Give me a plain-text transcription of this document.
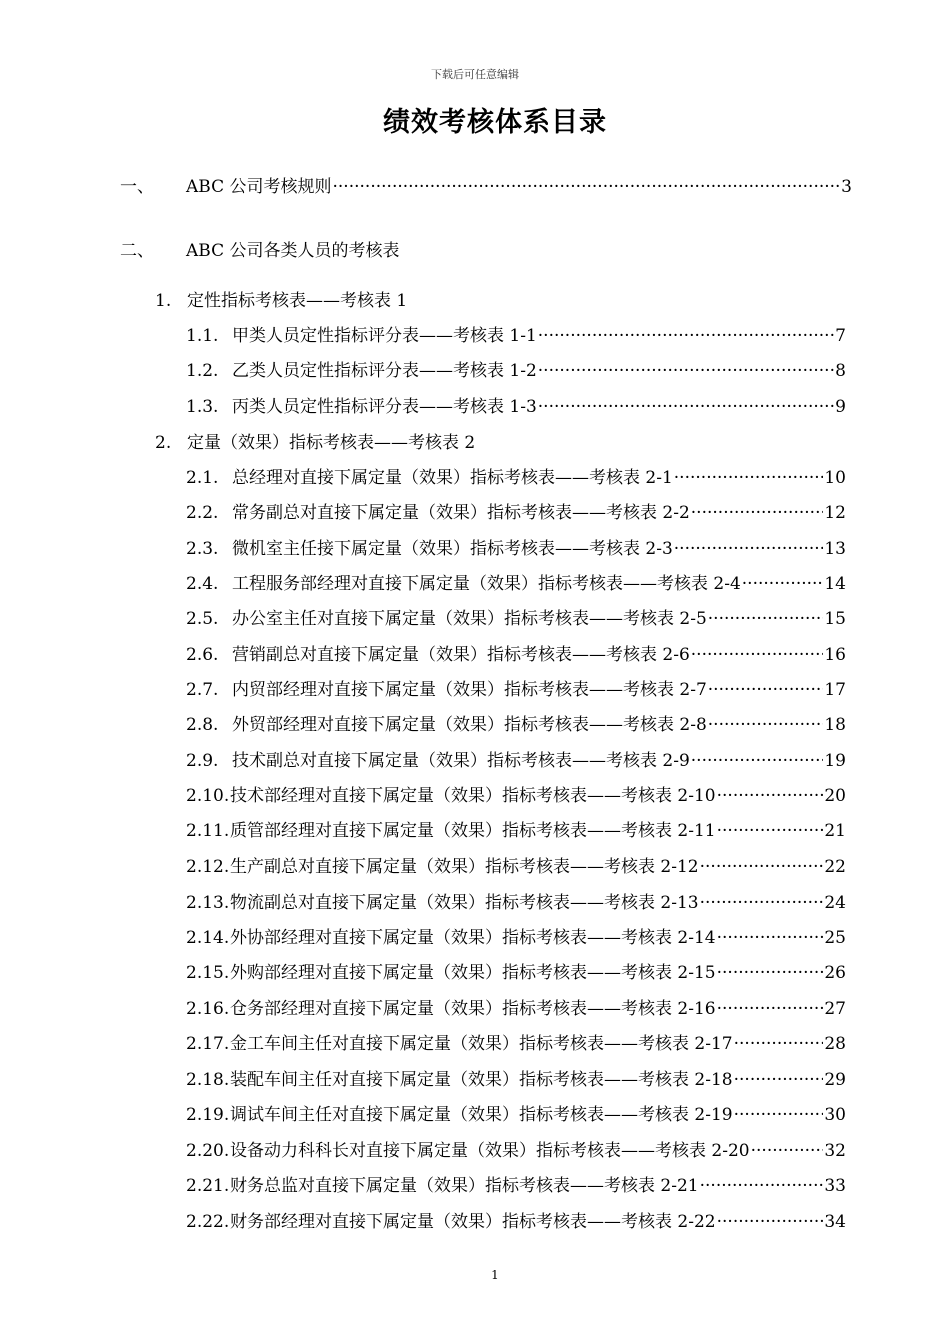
下载后可任意编辑
绩效考核体系目录
一、	ABC 公司考核规则 ·····	3
二、	ABC 公司各类人员的考核表
1. 定性指标考核表——考核表 1
1.1. 甲类人员定性指标评分表——考核表 1-1 ·····	7
1.2. 乙类人员定性指标评分表——考核表 1-2 ·····	8
1.3. 丙类人员定性指标评分表——考核表 1-3 ·····	9
2. 定量（效果）指标考核表——考核表 2
2.1. 总经理对直接下属定量（效果）指标考核表——考核表 2-1 ·····	10
2.2. 常务副总对直接下属定量（效果）指标考核表——考核表 2-2 ·····	12
2.3. 微机室主任接下属定量（效果）指标考核表——考核表 2-3 ·····	13
2.4. 工程服务部经理对直接下属定量（效果）指标考核表——考核表 2-4 ·····	14
2.5. 办公室主任对直接下属定量（效果）指标考核表——考核表 2-5 ·····	15
2.6. 营销副总对直接下属定量（效果）指标考核表——考核表 2-6 ·····	16
2.7. 内贸部经理对直接下属定量（效果）指标考核表——考核表 2-7 ·····	17
2.8. 外贸部经理对直接下属定量（效果）指标考核表——考核表 2-8 ·····	18
2.9. 技术副总对直接下属定量（效果）指标考核表——考核表 2-9 ·····	19
2.10. 技术部经理对直接下属定量（效果）指标考核表——考核表 2-10 ·····	20
2.11. 质管部经理对直接下属定量（效果）指标考核表——考核表 2-11 ·····	21
2.12. 生产副总对直接下属定量（效果）指标考核表——考核表 2-12 ·····	22
2.13. 物流副总对直接下属定量（效果）指标考核表——考核表 2-13 ·····	24
2.14. 外协部经理对直接下属定量（效果）指标考核表——考核表 2-14 ·····	25
2.15. 外购部经理对直接下属定量（效果）指标考核表——考核表 2-15 ·····	26
2.16. 仓务部经理对直接下属定量（效果）指标考核表——考核表 2-16 ·····	27
2.17. 金工车间主任对直接下属定量（效果）指标考核表——考核表 2-17 ·····	28
2.18. 装配车间主任对直接下属定量（效果）指标考核表——考核表 2-18 ·····	29
2.19. 调试车间主任对直接下属定量（效果）指标考核表——考核表 2-19 ·····	30
2.20. 设备动力科科长对直接下属定量（效果）指标考核表——考核表 2-20 ·····	32
2.21. 财务总监对直接下属定量（效果）指标考核表——考核表 2-21 ·····	33
2.22. 财务部经理对直接下属定量（效果）指标考核表——考核表 2-22 ·····	34
1
